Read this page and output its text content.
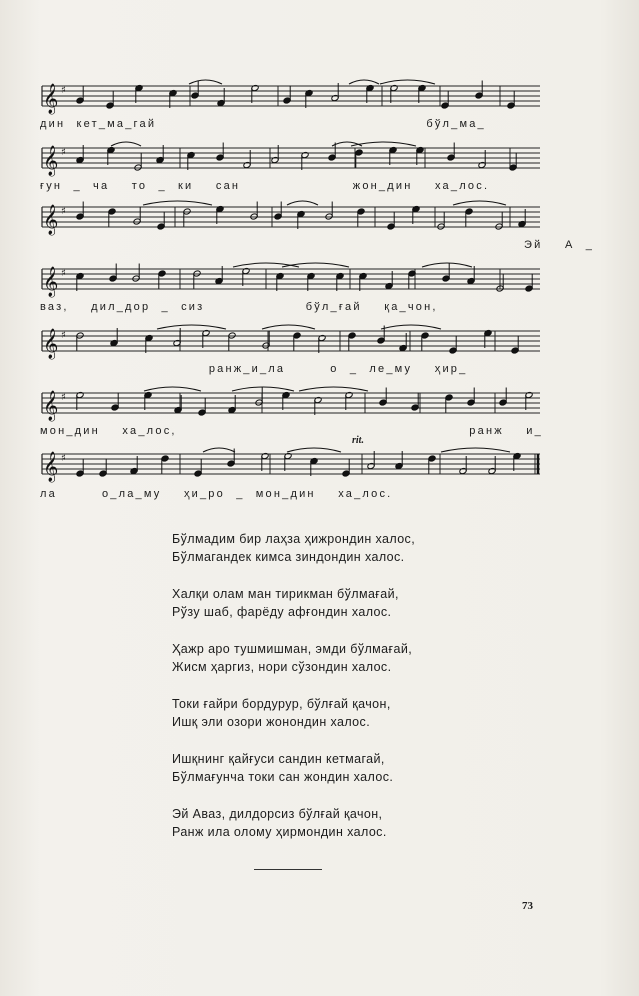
𝄞 ♯
дин кет_ма_гай                        бўл_ма_
𝄞 ♯
ғун _ ча  то _ ки  сан          жон_дин  ха_лос.
𝄞 ♯
Эй  А _
𝄞 ♯
ваз,  дил_дор _ сиз         бўл_ғай  қа_чон,
𝄞 ♯
ранж_и_ла    о _ ле_му  ҳир_
𝄞 ♯
мон_дин  ха_лос,                          ранж  и_
𝄞 ♯
rit.
ла    о_ла_му  ҳи_ро _ мон_дин  ха_лос.
Бўлмадим бир лаҳза ҳижрондин халос,
Бўлмагандек кимса зиндондин халос.
Халқи олам ман тирикман бўлмағай,
Рўзу шаб, фарёду афғондин халос.
Ҳажр аро тушмишман, эмди бўлмағай,
Жисм ҳаргиз, нори сўзондин халос.
Токи ғайри бордурур, бўлғай қачон,
Ишқ эли озори жонондин халос.
Ишқнинг қайғуси сандин кетмагай,
Бўлмағунча токи сан жондин халос.
Эй Аваз, дилдорсиз бўлғай қачон,
Ранж ила олому ҳирмондин халос.
73
